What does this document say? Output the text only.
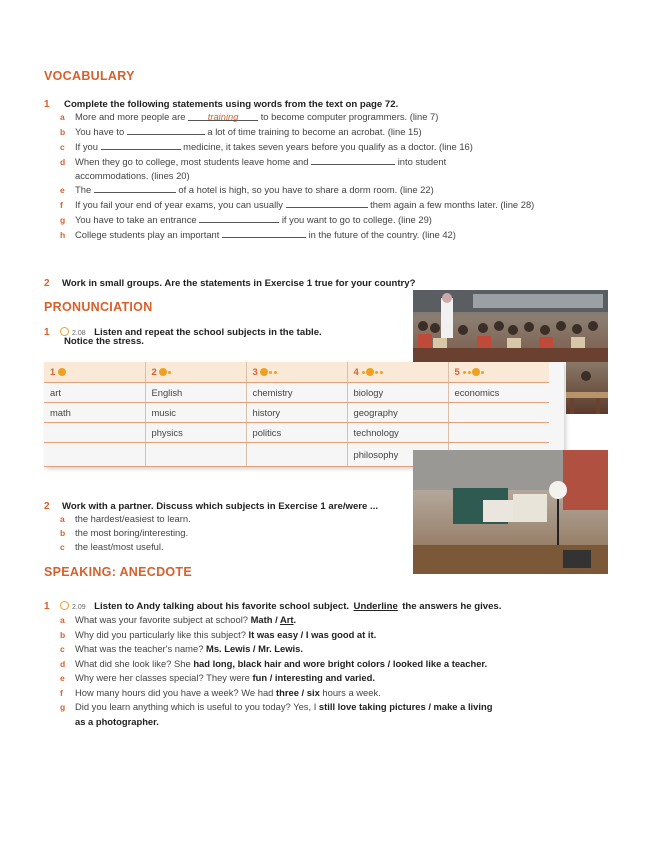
VOCABULARY
1 Complete the following statements using words from the text on page 72.
a More and more people are training to become computer programmers. (line 7)
b You have to	a lot of time training to become an acrobat. (line 15)
c If you	medicine, it takes seven years before you qualify as a doctor. (line 16)
d When they go to college, most students leave home and	into student
accommodations. (lines 20)
e The	of a hotel is high, so you have to share a dorm room. (line 22)
f If you fail your end of year exams, you can usually	them again a few months later. (line 28)
g You have to take an entrance	if you want to go to college. (line 29)
h College students play an important	in the future of the country. (line 42)
2 Work in small groups. Are the statements in Exercise 1 true for your country?
PRONUNCIATION
1	2.08 Listen and repeat the school subjects in the table.
Notice the stress.
1	2	3	4	5
art	English	chemistry	biology	economics
math	music	history	geography	
	physics	politics	technology	
			philosophy	
2 Work with a partner. Discuss which subjects in Exercise 1 are/were ...
a the hardest/easiest to learn.
b the most boring/interesting.
c the least/most useful.
SPEAKING: ANECDOTE
1	2.09 Listen to Andy talking about his favorite school subject. Underline the answers he gives.
a What was your favorite subject at school? Math / Art.
b Why did you particularly like this subject? It was easy / I was good at it.
c What was the teacher's name? Ms. Lewis / Mr. Lewis.
d What did she look like? She had long, black hair and wore bright colors / looked like a teacher.
e Why were her classes special? They were fun / interesting and varied.
f How many hours did you have a week? We had three / six hours a week.
g Did you learn anything which is useful to you today? Yes, I still love taking pictures / make a living
as a photographer.
